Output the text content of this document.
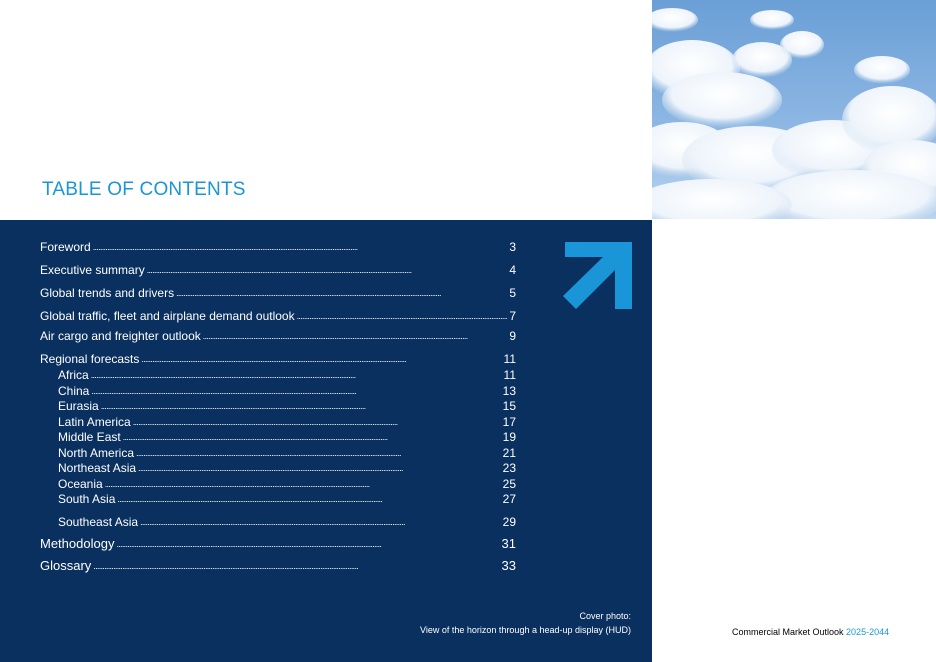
TABLE OF CONTENTS
Foreword . . .	3
Executive summary . . .	4
Global trends and drivers . . .	5
Global traffic, fleet and airplane demand outlook . . .	7
Air cargo and freighter outlook . . .	9
Regional forecasts . . .	11
Africa . . .	11
China . . .	13
Eurasia . . .	15
Latin America . . .	17
Middle East . . .	19
North America . . .	21
Northeast Asia . . .	23
Oceania . . .	25
South Asia . . .	27
Southeast Asia . . .	29
Methodology . . .	31
Glossary . . .	33
Cover photo:
View of the horizon through a head-up display (HUD)	Commercial Market Outlook 2025-2044
